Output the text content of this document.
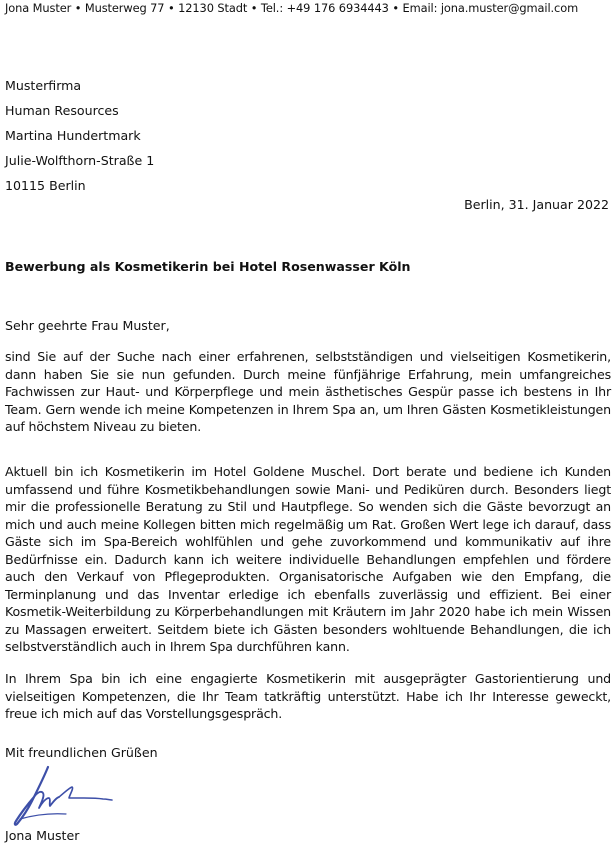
Jona Muster • Musterweg 77 • 12130 Stadt • Tel.: +49 176 6934443 • Email: jona.muster@gmail.com
Musterfirma
Human Resources
Martina Hundertmark
Julie-Wolfthorn-Straße 1
10115 Berlin
Berlin, 31. Januar 2022
Bewerbung als Kosmetikerin bei Hotel Rosenwasser Köln
Sehr geehrte Frau Muster,

sind Sie auf der Suche nach einer erfahrenen, selbstständigen und vielseitigen Kosmetikerin, dann haben Sie sie nun gefunden. Durch meine fünfjährige Erfahrung, mein umfangreiches Fachwissen zur Haut- und Körperpflege und mein ästhetisches Gespür passe ich bestens in Ihr Team. Gern wende ich meine Kompetenzen in Ihrem Spa an, um Ihren Gästen Kosmetikleistungen auf höchstem Niveau zu bieten.

Aktuell bin ich Kosmetikerin im Hotel Goldene Muschel. Dort berate und bediene ich Kunden umfassend und führe Kosmetikbehandlungen sowie Mani- und Pediküren durch. Besonders liegt mir die professionelle Beratung zu Stil und Hautpflege. So wenden sich die Gäste bevorzugt an mich und auch meine Kollegen bitten mich regelmäßig um Rat. Großen Wert lege ich darauf, dass Gäste sich im Spa-Bereich wohlfühlen und gehe zuvorkommend und kommunikativ auf ihre Bedürfnisse ein. Dadurch kann ich weitere individuelle Behandlungen empfehlen und fördere auch den Verkauf von Pflegeprodukten. Organisatorische Aufgaben wie den Empfang, die Terminplanung und das Inventar erledige ich ebenfalls zuverlässig und effizient. Bei einer Kosmetik-Weiterbildung zu Körperbehandlungen mit Kräutern im Jahr 2020 habe ich mein Wissen zu Massagen erweitert. Seitdem biete ich Gästen besonders wohltuende Behandlungen, die ich selbstverständlich auch in Ihrem Spa durchführen kann.

In Ihrem Spa bin ich eine engagierte Kosmetikerin mit ausgeprägter Gastorientierung und vielseitigen Kompetenzen, die Ihr Team tatkräftig unterstützt. Habe ich Ihr Interesse geweckt, freue ich mich auf das Vorstellungsgespräch.

Mit freundlichen Grüßen
Jona Muster
